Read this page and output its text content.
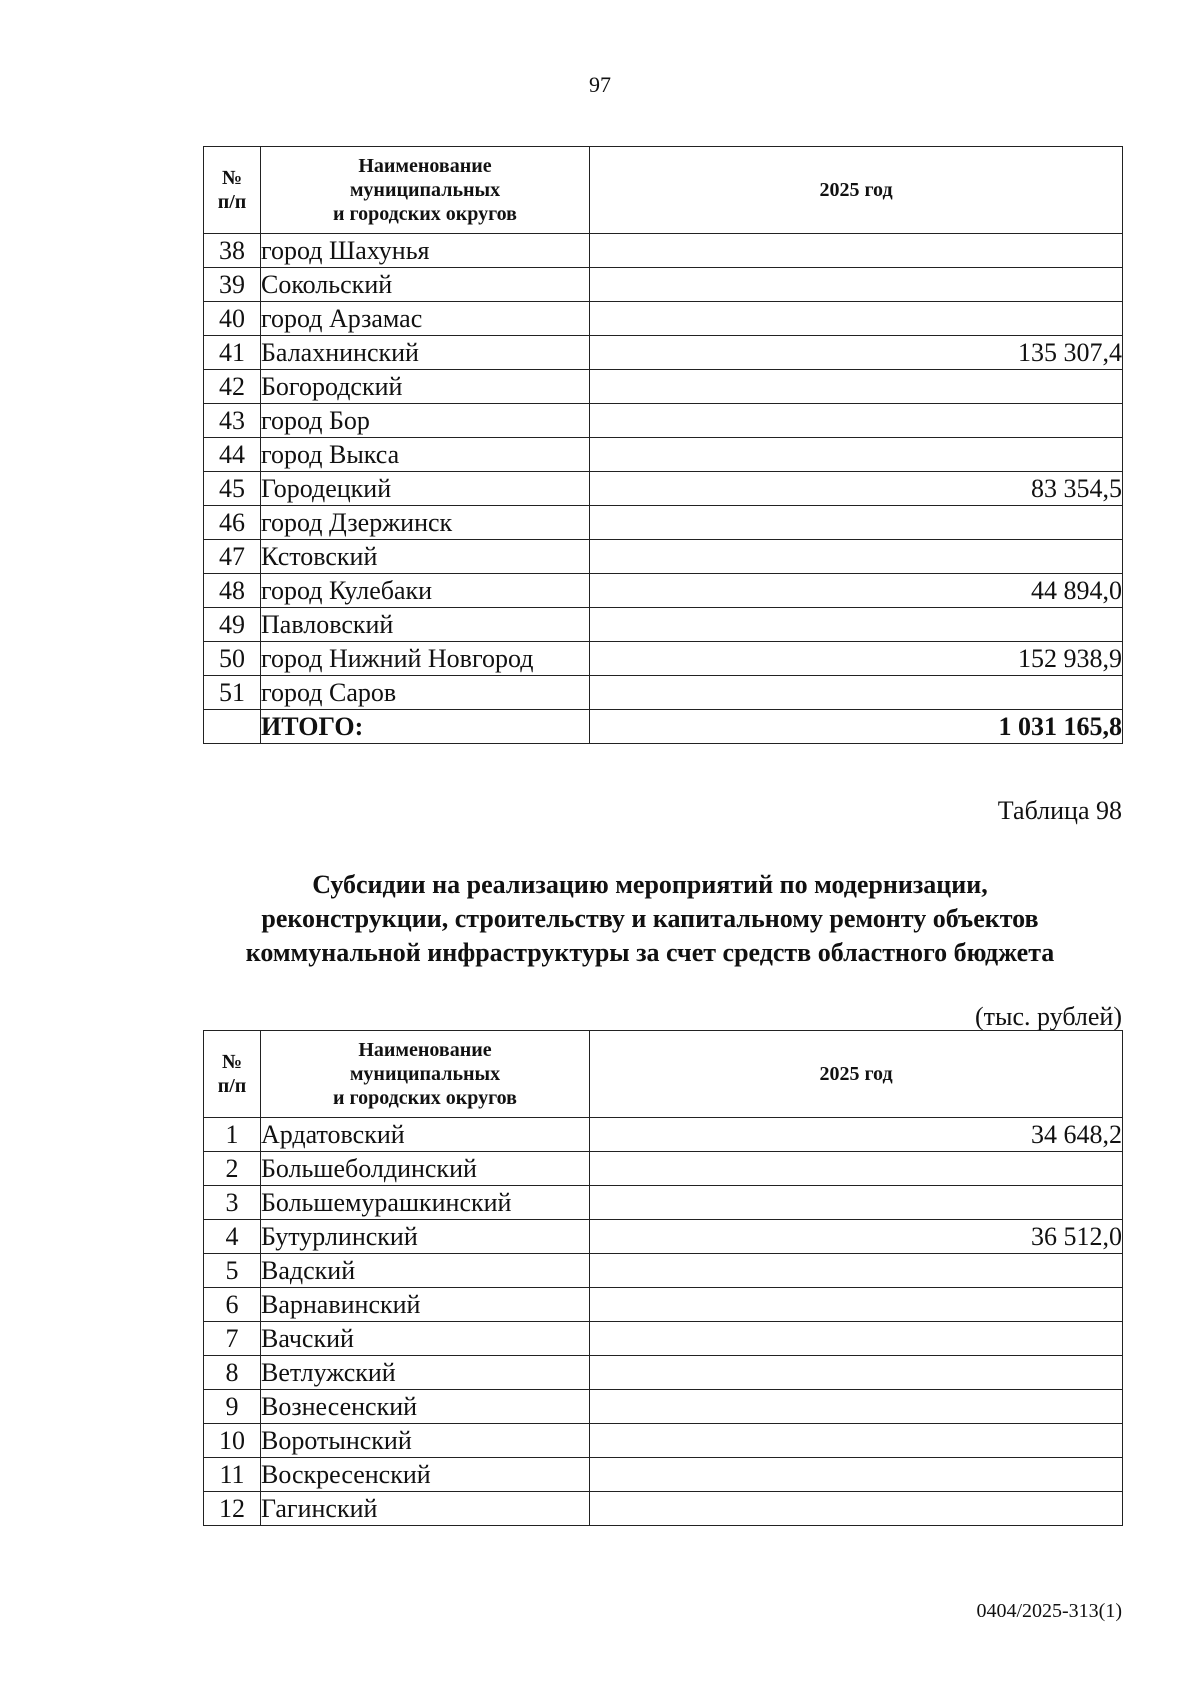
97
№
п/п	Наименование
муниципальных
и городских округов	2025 год
38	город Шахунья	
39	Сокольский	
40	город Арзамас	
41	Балахнинский	135 307,4
42	Богородский	
43	город Бор	
44	город Выкса	
45	Городецкий	83 354,5
46	город Дзержинск	
47	Кстовский	
48	город Кулебаки	44 894,0
49	Павловский	
50	город Нижний Новгород	152 938,9
51	город Саров	
	ИТОГО:	1 031 165,8
Таблица 98
Субсидии на реализацию мероприятий по модернизации,
реконструкции, строительству и капитальному ремонту объектов
коммунальной инфраструктуры за счет средств областного бюджета
(тыс. рублей)
№
п/п	Наименование
муниципальных
и городских округов	2025 год
1	Ардатовский	34 648,2
2	Большеболдинский	
3	Большемурашкинский	
4	Бутурлинский	36 512,0
5	Вадский	
6	Варнавинский	
7	Вачский	
8	Ветлужский	
9	Вознесенский	
10	Воротынский	
11	Воскресенский	
12	Гагинский	
0404/2025-313(1)
